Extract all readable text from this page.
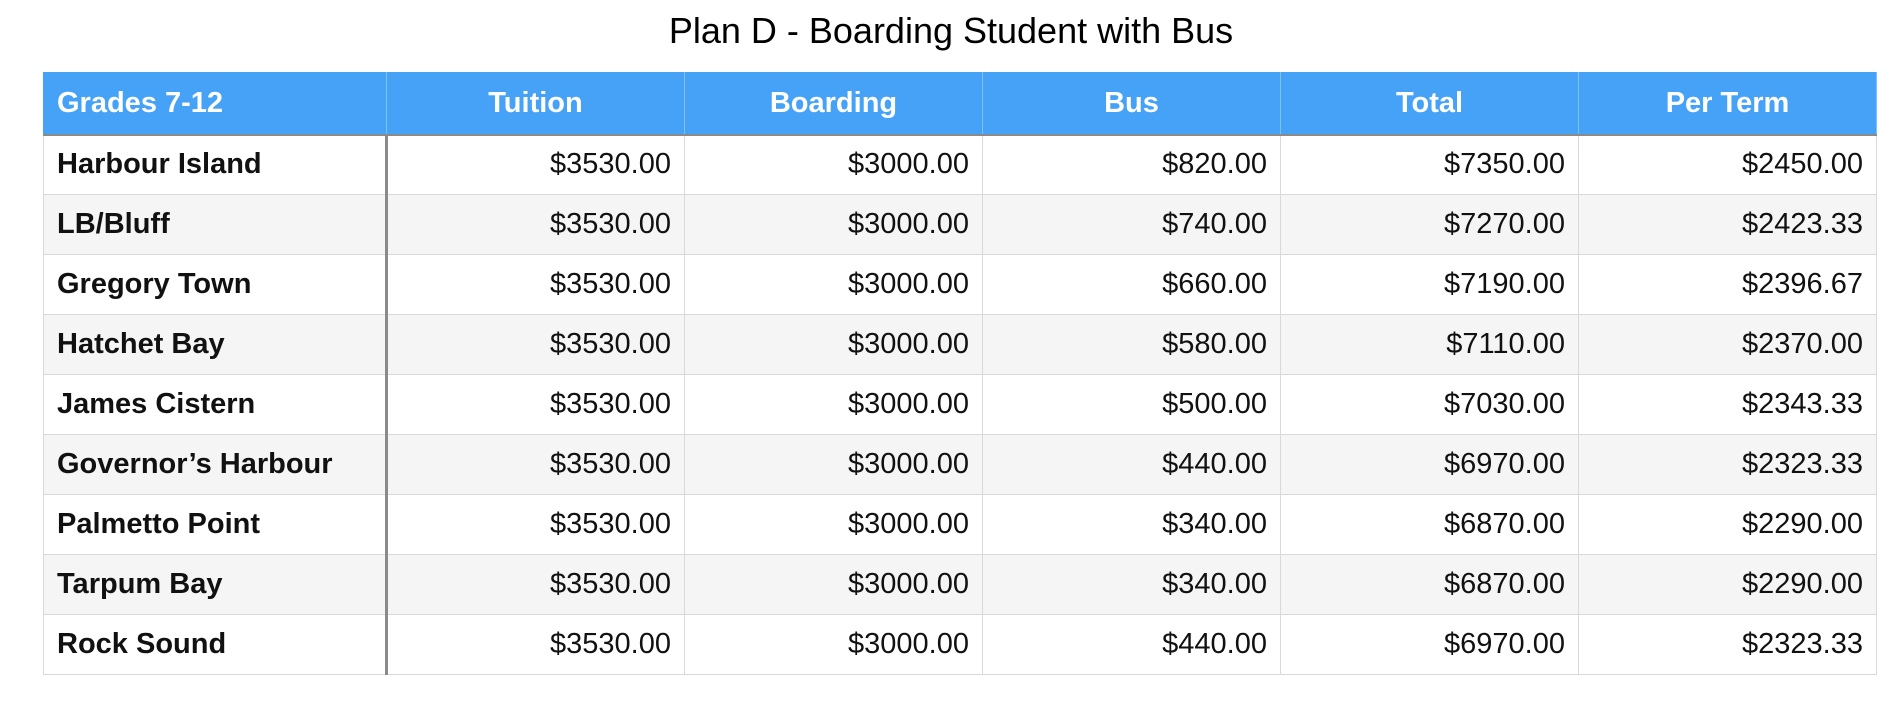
Plan D - Boarding Student with Bus
Grades 7-12	Tuition	Boarding	Bus	Total	Per Term
Harbour Island	$3530.00	$3000.00	$820.00	$7350.00	$2450.00
LB/Bluff	$3530.00	$3000.00	$740.00	$7270.00	$2423.33
Gregory Town	$3530.00	$3000.00	$660.00	$7190.00	$2396.67
Hatchet Bay	$3530.00	$3000.00	$580.00	$7110.00	$2370.00
James Cistern	$3530.00	$3000.00	$500.00	$7030.00	$2343.33
Governor’s Harbour	$3530.00	$3000.00	$440.00	$6970.00	$2323.33
Palmetto Point	$3530.00	$3000.00	$340.00	$6870.00	$2290.00
Tarpum Bay	$3530.00	$3000.00	$340.00	$6870.00	$2290.00
Rock Sound	$3530.00	$3000.00	$440.00	$6970.00	$2323.33
